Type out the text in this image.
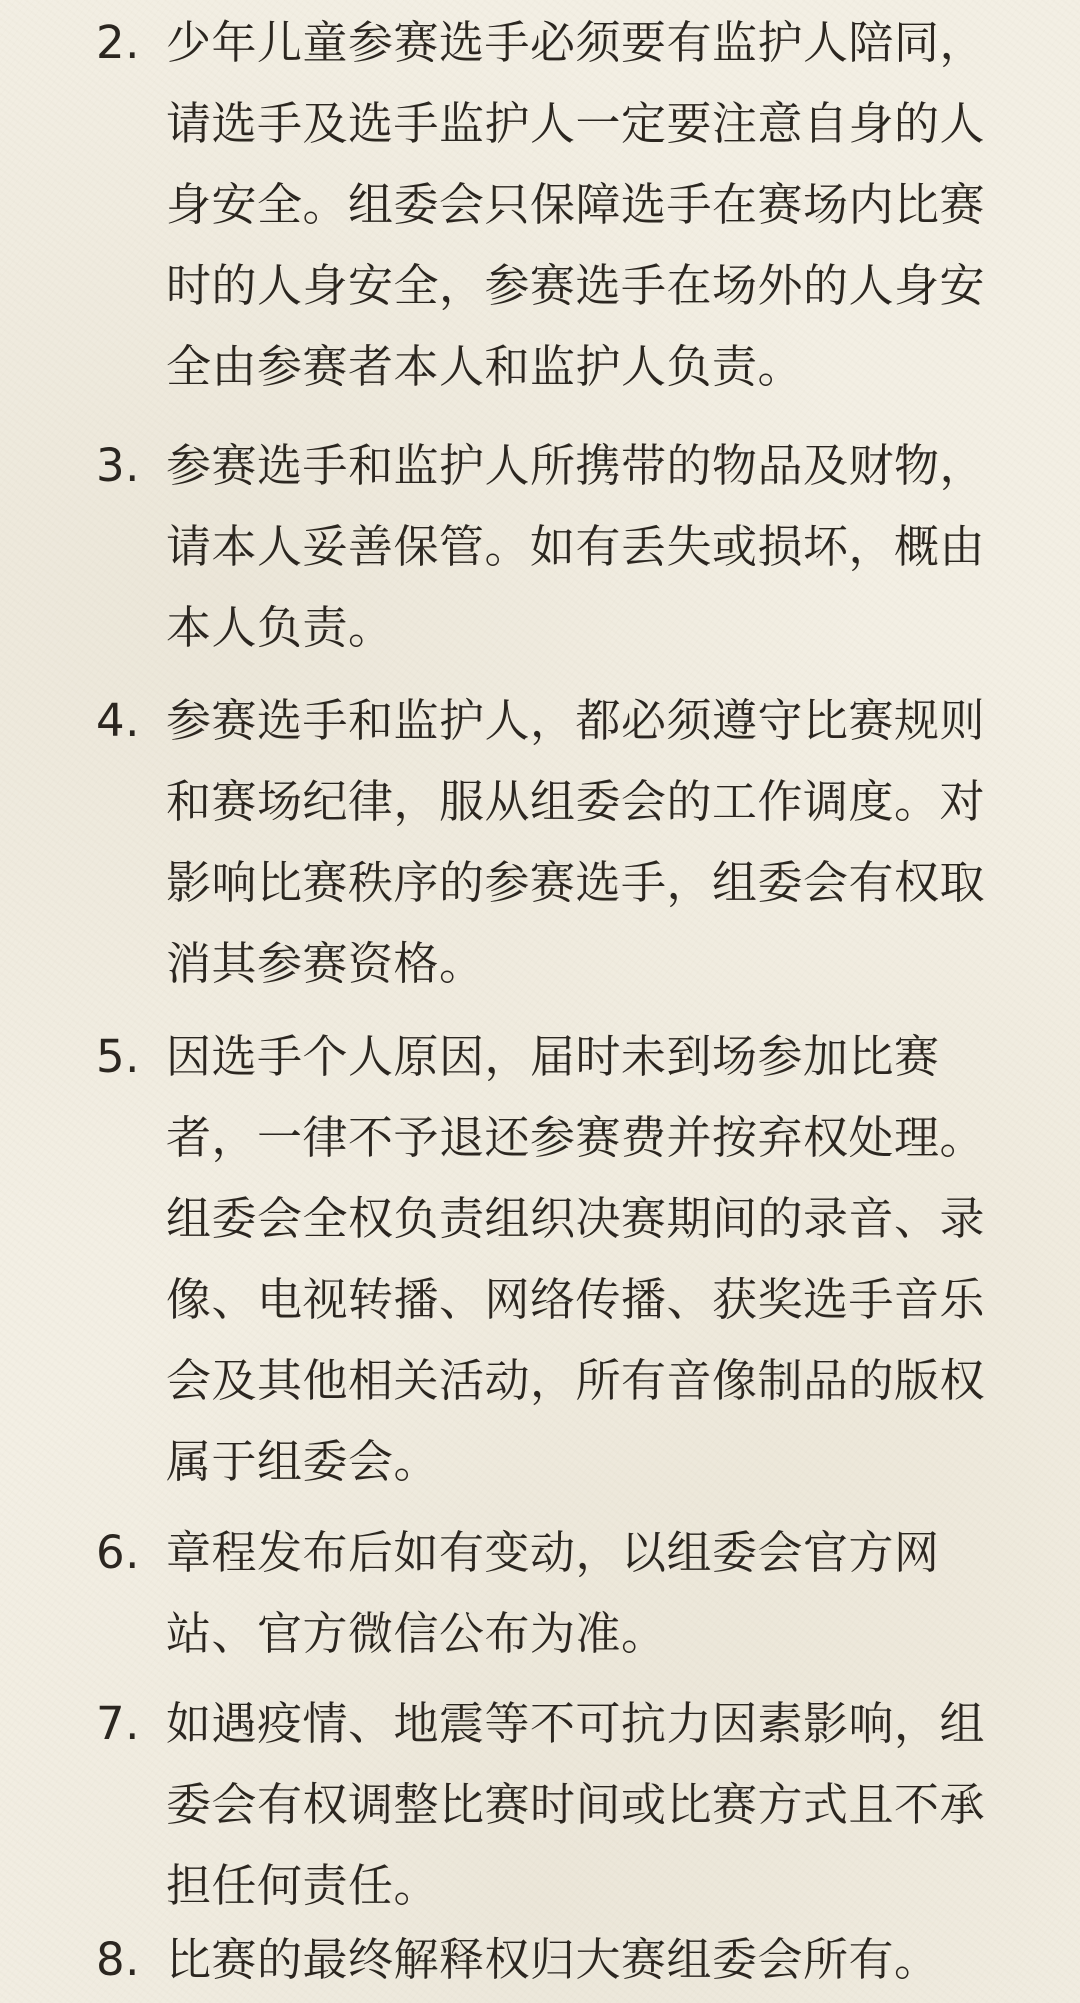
2. 少年儿童参赛选手必须要有监护人陪同，请选手及选手监护人一定要注意自身的人身安全。组委会只保障选手在赛场内比赛 时的人身安全，参赛选手在场外的人身安全由参赛者本人和监护人负责。
3. 参赛选手和监护人所携带的物品及财物，请本人妥善保管。如有丢失或损坏，概由本人负责。
4. 参赛选手和监护人，都必须遵守比赛规则和赛场纪律，服从组委会的工作调度。对影响比赛秩序的参赛选手，组委会有权取消其参赛资格。
5. 因选手个人原因，届时未到场参加比赛者，一律不予退还参赛费并按弃权处理。组委会全权负责组织决赛期间的录音、录像、电视转播、网络传播、获奖选手音乐会及其他相关活动，所有音像制品的版权属于组委会。
6. 章程发布后如有变动，以组委会官方网站、官方微信公布为准。
7. 如遇疫情、地震等不可抗力因素影响，组委会有权调整比赛时间或比赛方式且不承担任何责任。
8. 比赛的最终解释权归大赛组委会所有。
